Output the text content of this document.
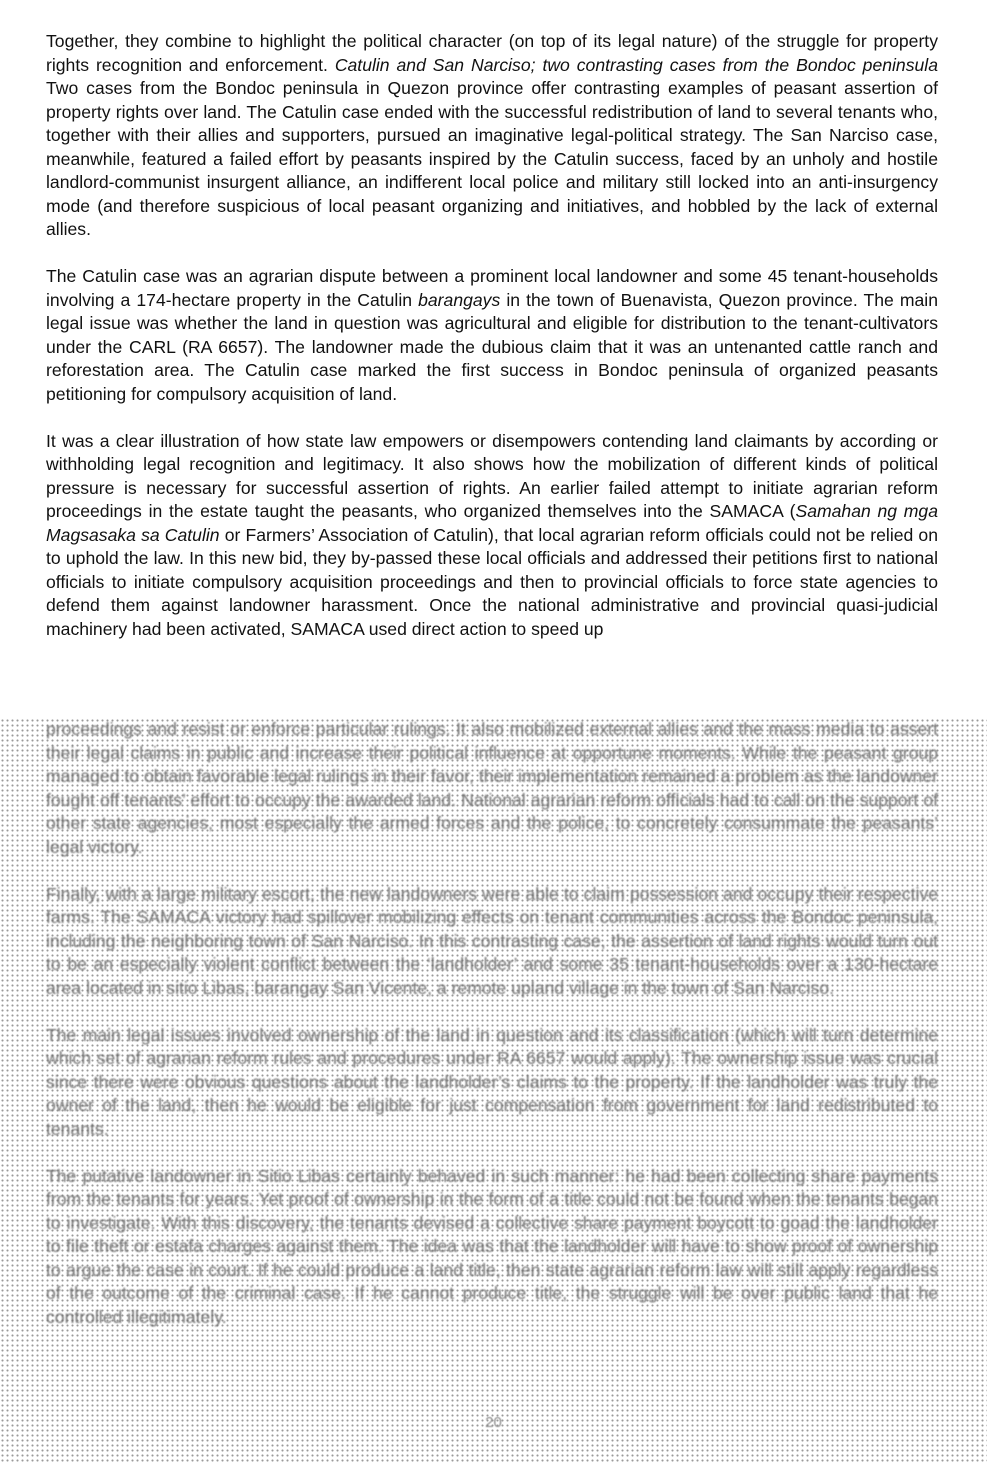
Together, they combine to highlight the political character (on top of its legal nature) of the struggle for property rights recognition and enforcement. Catulin and San Narciso; two contrasting cases from the Bondoc peninsula Two cases from the Bondoc peninsula in Quezon province offer contrasting examples of peasant assertion of property rights over land. The Catulin case ended with the successful redistribution of land to several tenants who, together with their allies and supporters, pursued an imaginative legal-political strategy. The San Narciso case, meanwhile, featured a failed effort by peasants inspired by the Catulin success, faced by an unholy and hostile landlord-communist insurgent alliance, an indifferent local police and military still locked into an anti-insurgency mode (and therefore suspicious of local peasant organizing and initiatives, and hobbled by the lack of external allies.

The Catulin case was an agrarian dispute between a prominent local landowner and some 45 tenant-households involving a 174-hectare property in the Catulin barangays in the town of Buenavista, Quezon province. The main legal issue was whether the land in question was agricultural and eligible for distribution to the tenant-cultivators under the CARL (RA 6657). The landowner made the dubious claim that it was an untenanted cattle ranch and reforestation area. The Catulin case marked the first success in Bondoc peninsula of organized peasants petitioning for compulsory acquisition of land.

It was a clear illustration of how state law empowers or disempowers contending land claimants by according or withholding legal recognition and legitimacy. It also shows how the mobilization of different kinds of political pressure is necessary for successful assertion of rights. An earlier failed attempt to initiate agrarian reform proceedings in the estate taught the peasants, who organized themselves into the SAMACA (Samahan ng mga Magsasaka sa Catulin or Farmers’ Association of Catulin), that local agrarian reform officials could not be relied on to uphold the law. In this new bid, they by-passed these local officials and addressed their petitions first to national officials to initiate compulsory acquisition proceedings and then to provincial officials to force state agencies to defend them against landowner harassment. Once the national administrative and provincial quasi-judicial machinery had been activated, SAMACA used direct action to speed up

proceedings and resist or enforce particular rulings. It also mobilized external allies and the mass media to assert their legal claims in public and increase their political influence at opportune moments. While the peasant group managed to obtain favorable legal rulings in their favor, their implementation remained a problem as the landowner fought off tenants’ effort to occupy the awarded land. National agrarian reform officials had to call on the support of other state agencies, most especially the armed forces and the police, to concretely consummate the peasants’ legal victory.

Finally, with a large military escort, the new landowners were able to claim possession and occupy their respective farms. The SAMACA victory had spillover mobilizing effects on tenant communities across the Bondoc peninsula, including the neighboring town of San Narciso. In this contrasting case, the assertion of land rights would turn out to be an especially violent conflict between the ‘landholder’ and some 35 tenant-households over a 130-hectare area located in sitio Libas, barangay San Vicente, a remote upland village in the town of San Narciso.

The main legal issues involved ownership of the land in question and its classification (which will turn determine which set of agrarian reform rules and procedures under RA 6657 would apply). The ownership issue was crucial since there were obvious questions about the landholder’s claims to the property. If the landholder was truly the owner of the land, then he would be eligible for just compensation from government for land redistributed to tenants.

The putative landowner in Sitio Libas certainly behaved in such manner: he had been collecting share payments from the tenants for years. Yet proof of ownership in the form of a title could not be found when the tenants began to investigate. With this discovery, the tenants devised a collective share payment boycott to goad the landholder to file theft or estafa charges against them. The idea was that the landholder will have to show proof of ownership to argue the case in court. If he could produce a land title, then state agrarian reform law will still apply regardless of the outcome of the criminal case. If he cannot produce title, the struggle will be over public land that he controlled illegitimately.

20
